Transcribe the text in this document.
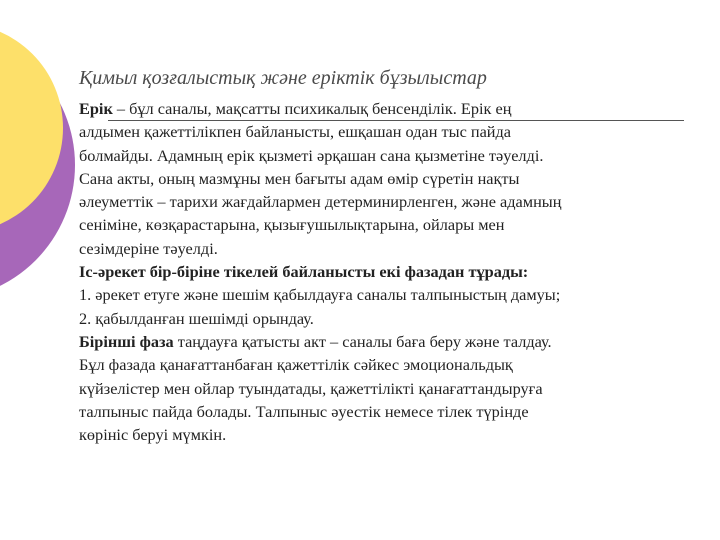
Қимыл қозғалыстық және еріктік бұзылыстар
Ерік – бұл саналы, мақсатты психикалық бенсенділік. Ерік ең
алдымен қажеттілікпен байланысты, ешқашан одан тыс пайда
болмайды. Адамның ерік қызметі әрқашан сана қызметіне тәуелді.
Сана акты, оның мазмұны мен бағыты адам өмір сүретін нақты
әлеуметтік – тарихи жағдайлармен детерминирленген, және адамның
сеніміне, көзқарастарына, қызығушылықтарына, ойлары мен
сезімдеріне тәуелді.
Іс-әрекет бір-біріне тікелей байланысты екі фазадан тұрады:
1. әрекет етуге және шешім қабылдауға саналы талпыныстың дамуы;
2. қабылданған шешімді орындау.
Бірінші фаза таңдауға қатысты акт – саналы баға беру және талдау.
Бұл фазада қанағаттанбаған қажеттілік сәйкес эмоциональдық
күйзелістер мен ойлар туындатады, қажеттілікті қанағаттандыруға
талпыныс пайда болады. Талпыныс әуестік немесе тілек түрінде
көрініс беруі мүмкін.
